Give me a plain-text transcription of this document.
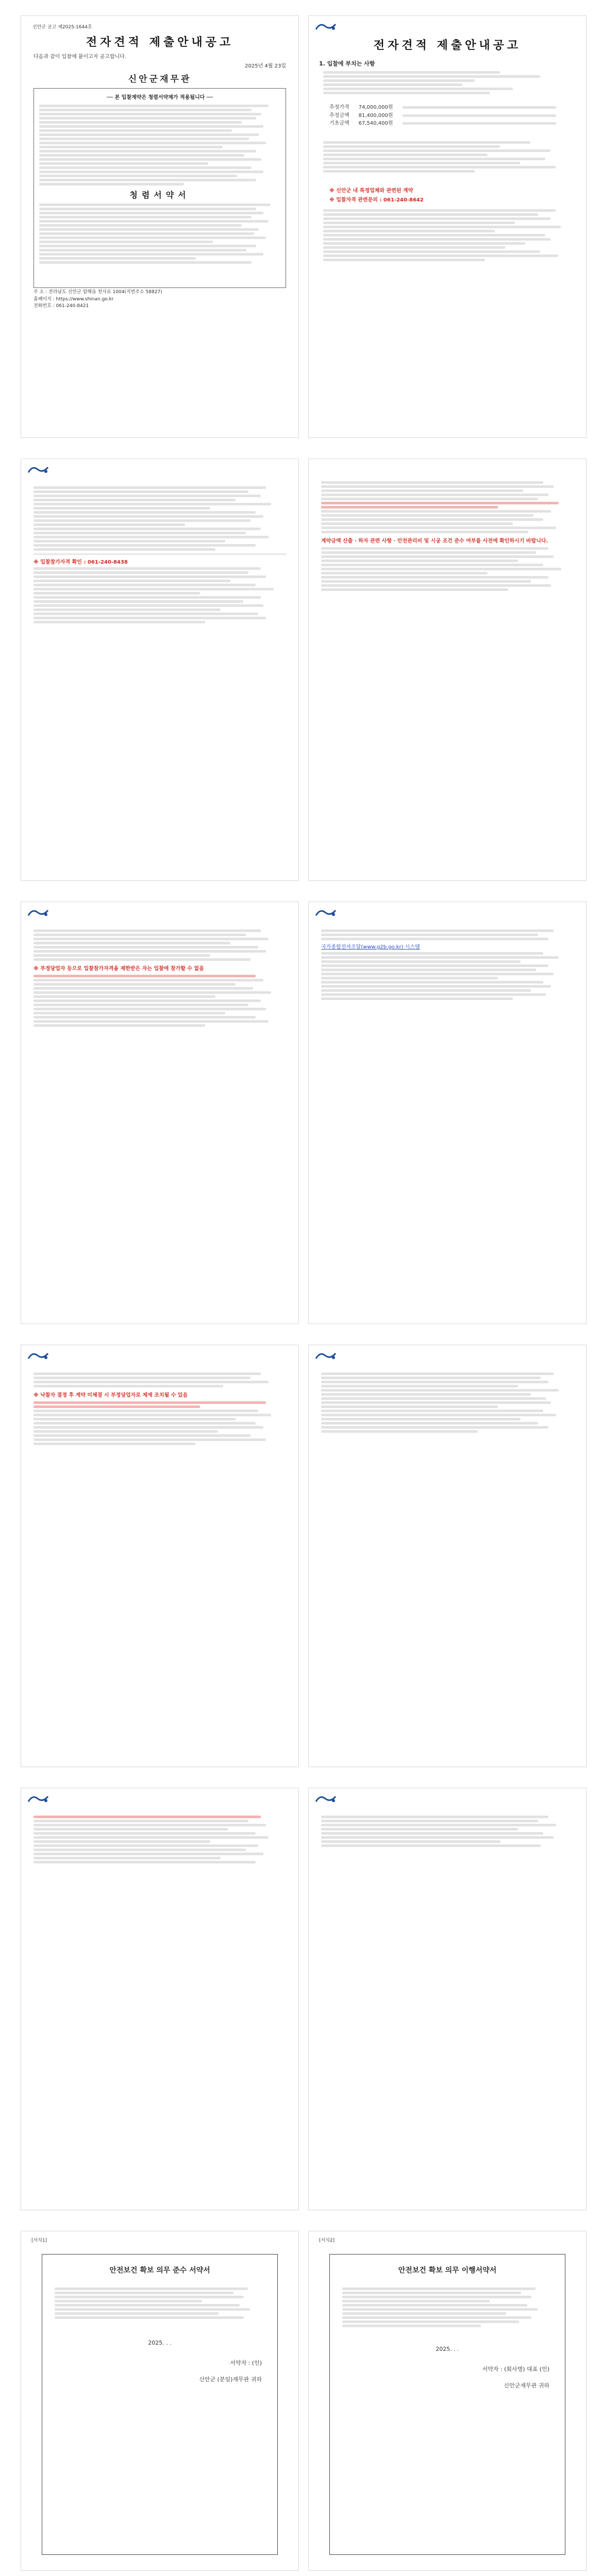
신안군 공고 제2025-1644호
전자견적 제출안내공고
다음과 같이 입찰에 붙이고자 공고합니다.
2025년 4월 23일
신안군재무관
── 본 입찰계약은 청렴서약제가 적용됩니다 ──
청렴서약서
주 소 : 전라남도 신안군 압해읍 천사로 1004(지번주소 58827)
홈페이지 : https://www.shinan.go.kr
전화번호 : 061-240-8421
전자견적 제출안내공고
1. 입찰에 부치는 사항
추정가격 74,000,000원
추정금액 81,400,000원
기초금액 67,540,400원
※ 신안군 내 특정업체와 관련된 계약
※ 입찰자격 관련문의 : 061-240-8642
※ 입찰참가자격 확인 : 061-240-8438
계약금액 산출 · 하자 관련 사항 · 안전관리비 및 시공 조건 준수 여부를 사전에 확인하시기 바랍니다.
※ 부정당업자 등으로 입찰참가자격을 제한받은 자는 입찰에 참가할 수 없음
국가종합전자조달(www.g2b.go.kr) 시스템
※ 낙찰자 결정 후 계약 미체결 시 부정당업자로 제재 조치될 수 있음
[서식1]
안전보건 확보 의무 준수 서약서
2025. . .
서약자 : (인)
신안군 (분임)재무관 귀하
[서식2]
안전보건 확보 의무 이행서약서
2025. . .
서약자 : (회사명) 대표 (인)
신안군재무관 귀하
